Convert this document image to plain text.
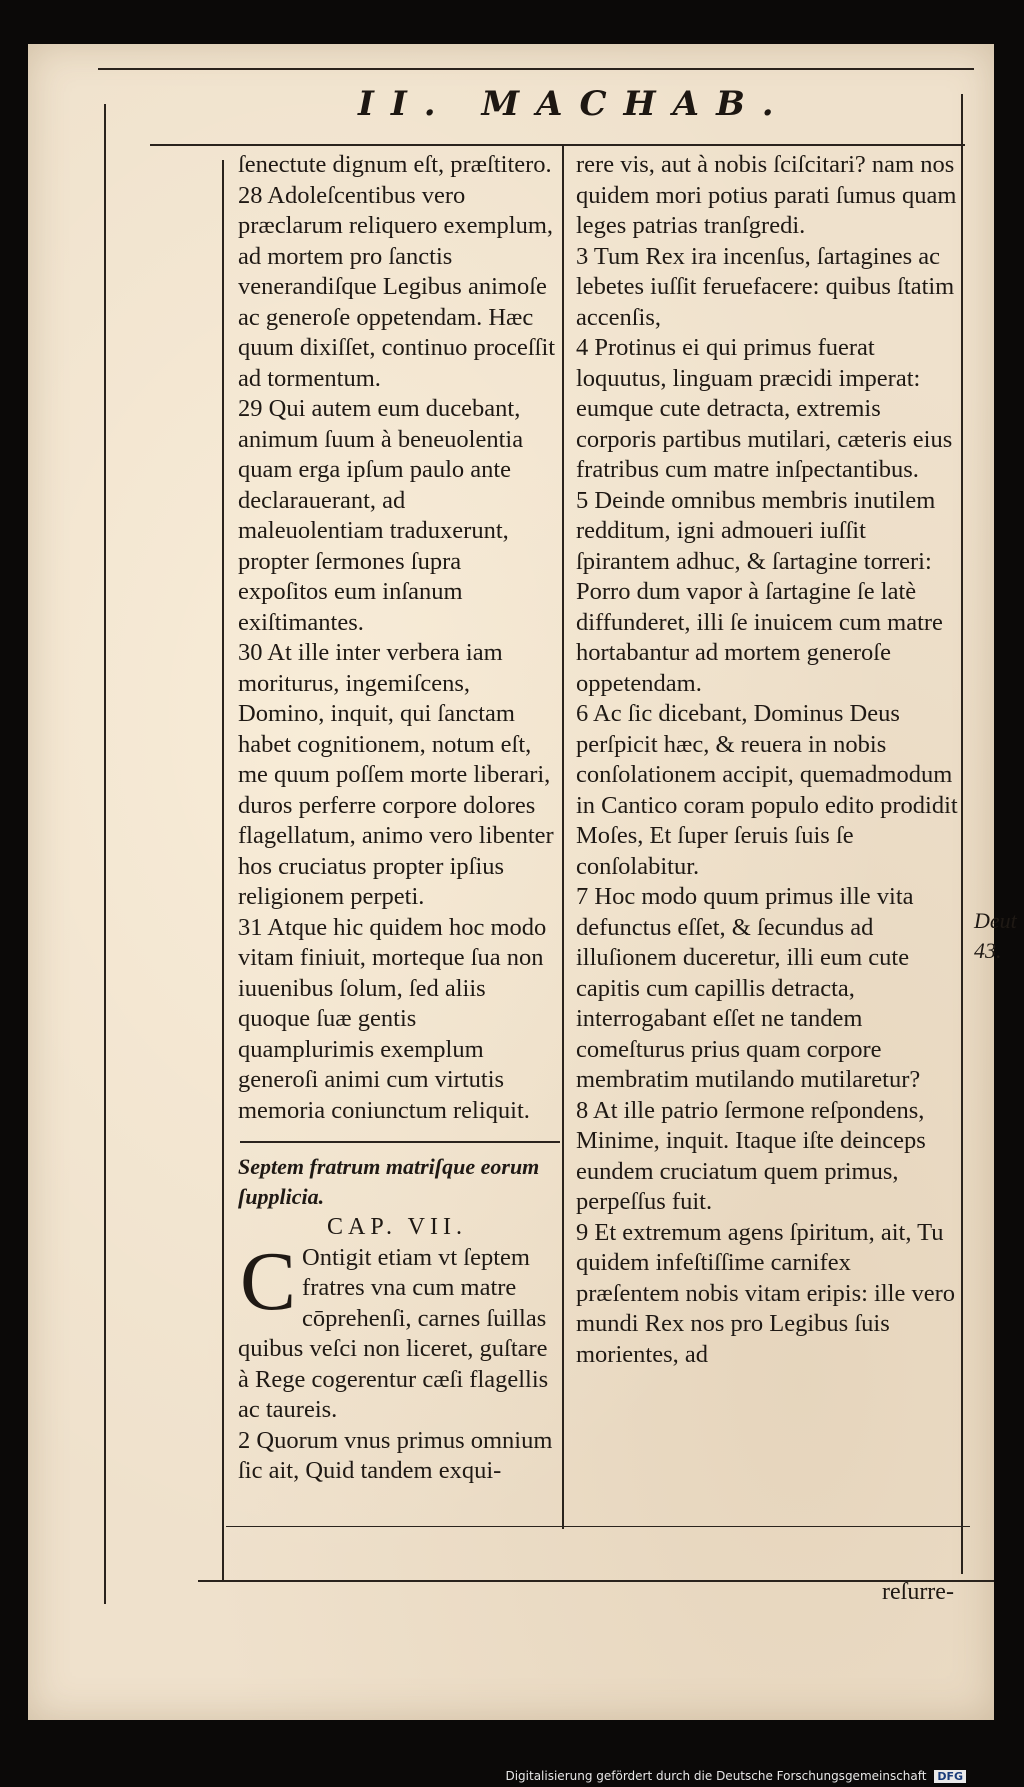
II. MACHAB.

ſenectute dignum eſt, præſtitero.

28 Adoleſcentibus vero præclarum reliquero exemplum, ad mortem pro ſanctis venerandiſque Legibus animoſe ac generoſe oppetendam. Hæc quum dixiſſet, continuo proceſſit ad tormentum.

29 Qui autem eum ducebant, animum ſuum à beneuolentia quam erga ipſum paulo ante declarauerant, ad maleuolentiam traduxerunt, propter ſermones ſupra expoſitos eum inſanum exiſtimantes.

30 At ille inter verbera iam moriturus, ingemiſcens, Domino, inquit, qui ſanctam habet cognitionem, notum eſt, me quum poſſem morte liberari, duros perferre corpore dolores flagellatum, animo vero libenter hos cruciatus propter ipſius religionem perpeti.

31 Atque hic quidem hoc modo vitam finiuit, morteque ſua non iuuenibus ſolum, ſed aliis quoque ſuæ gentis quamplurimis exemplum generoſi animi cum virtutis memoria coniunctum reliquit.

Septem fratrum matriſque eorum ſupplicia.

CAP. VII.

C Ontigit etiam vt ſeptem fratres vna cum matre cōprehenſi, carnes ſuillas quibus veſci non liceret, guſtare à Rege cogerentur cæſi flagellis ac taureis.

2 Quorum vnus primus omnium ſic ait, Quid tandem exqui-

rere vis, aut à nobis ſciſcitari? nam nos quidem mori potius parati ſumus quam leges patrias tranſgredi.

3 Tum Rex ira incenſus, ſartagines ac lebetes iuſſit feruefacere: quibus ſtatim accenſis,

4 Protinus ei qui primus fuerat loquutus, linguam præcidi imperat: eumque cute detracta, extremis corporis partibus mutilari, cæteris eius fratribus cum matre inſpectantibus.

5 Deinde omnibus membris inutilem redditum, igni admoueri iuſſit ſpirantem adhuc, & ſartagine torreri: Porro dum vapor à ſartagine ſe latè diffunderet, illi ſe inuicem cum matre hortabantur ad mortem generoſe oppetendam.

6 Ac ſic dicebant, Dominus Deus perſpicit hæc, & reuera in nobis conſolationem accipit, quemadmodum in Cantico coram populo edito prodidit Moſes, Et ſuper ſeruis ſuis ſe conſolabitur.

7 Hoc modo quum primus ille vita defunctus eſſet, & ſecundus ad illuſionem duceretur, illi eum cute capitis cum capillis detracta, interrogabant eſſet ne tandem comeſturus prius quam corpore membratim mutilando mutilaretur?

8 At ille patrio ſermone reſpondens, Minime, inquit. Itaque iſte deinceps eundem cruciatum quem primus, perpeſſus fuit.

9 Et extremum agens ſpiritum, ait, Tu quidem infeſtiſſime carnifex præſentem nobis vitam eripis: ille vero mundi Rex nos pro Legibus ſuis morientes, ad

Deut
43.
reſurre-
Digitalisierung gefördert durch die Deutsche Forschungsgemeinschaft DFG
